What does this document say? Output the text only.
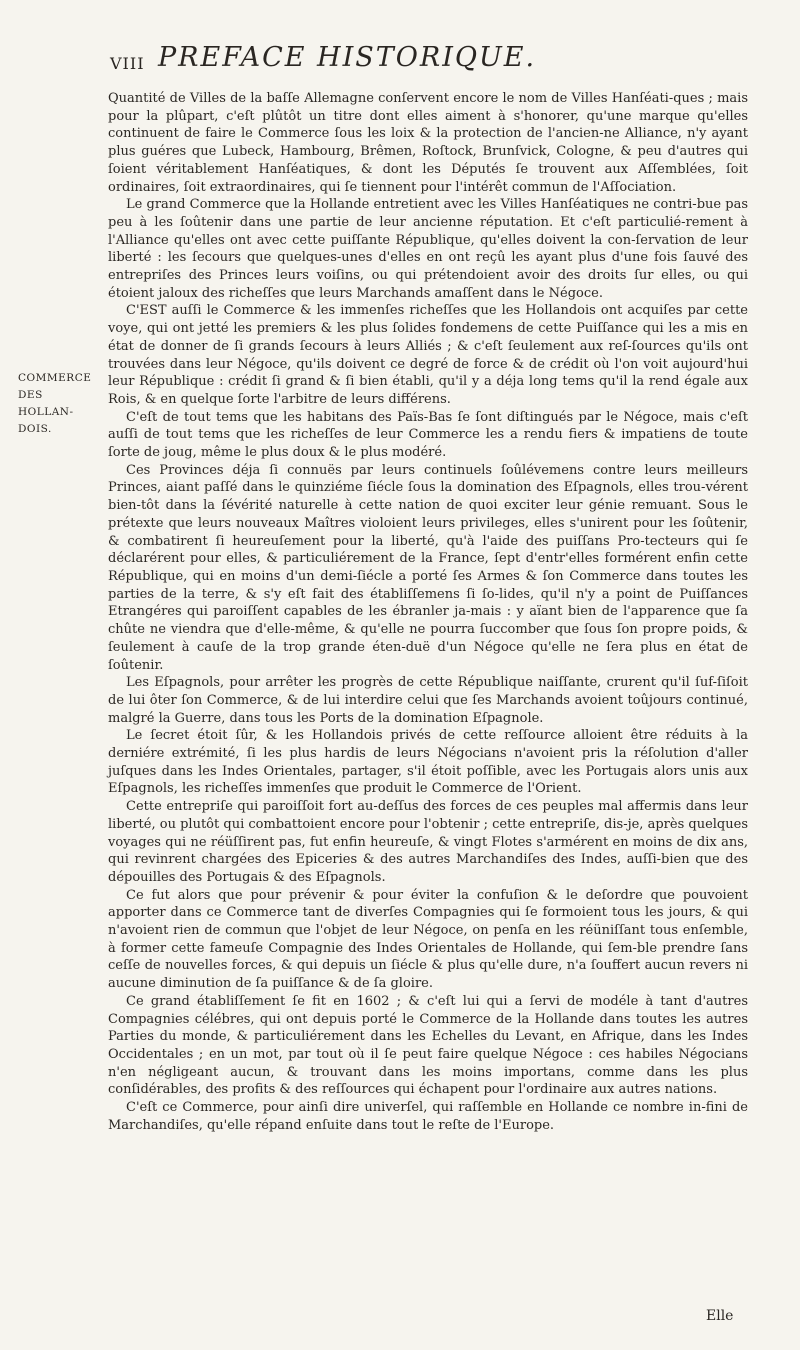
VIII PREFACE HISTORIQUE.
COMMERCE
DES
HOLLAN-
DOIS.

Quantité de Villes de la baſſe Allemagne conſervent encore le nom de Villes Hanſéati-ques ; mais pour la plûpart, c'eſt plûtôt un titre dont elles aiment à s'honorer, qu'une marque qu'elles continuent de faire le Commerce ſous les loix & la protection de l'ancien-ne Alliance, n'y ayant plus guéres que Lubeck, Hambourg, Brêmen, Roſtock, Brunſvick, Cologne, & peu d'autres qui ſoient véritablement Hanſéatiques, & dont les Députés ſe trouvent aux Aſſemblées, ſoit ordinaires, ſoit extraordinaires, qui ſe tiennent pour l'intérêt commun de l'Aſſociation.

Le grand Commerce que la Hollande entretient avec les Villes Hanſéatiques ne contri-bue pas peu à les ſoûtenir dans une partie de leur ancienne réputation. Et c'eſt particulié-rement à l'Alliance qu'elles ont avec cette puiſſante République, qu'elles doivent la con-ſervation de leur liberté : les ſecours que quelques-unes d'elles en ont reçû les ayant plus d'une fois ſauvé des entrepriſes des Princes leurs voiſins, ou qui prétendoient avoir des droits ſur elles, ou qui étoient jaloux des richeſſes que leurs Marchands amaſſent dans le Négoce.

C'EST auſſi le Commerce & les immenſes richeſſes que les Hollandois ont acquiſes par cette voye, qui ont jetté les premiers & les plus ſolides fondemens de cette Puiſſance qui les a mis en état de donner de ſi grands ſecours à leurs Alliés ; & c'eſt ſeulement aux reſ-ſources qu'ils ont trouvées dans leur Négoce, qu'ils doivent ce degré de force & de crédit où l'on voit aujourd'hui leur République : crédit ſi grand & ſi bien établi, qu'il y a déja long tems qu'il la rend égale aux Rois, & en quelque ſorte l'arbitre de leurs différens.

C'eſt de tout tems que les habitans des Païs-Bas ſe ſont diſtingués par le Négoce, mais c'eſt auſſi de tout tems que les richeſſes de leur Commerce les a rendu fiers & impatiens de toute ſorte de joug, même le plus doux & le plus modéré.

Ces Provinces déja ſi connuës par leurs continuels ſoûlévemens contre leurs meilleurs Princes, aiant paſſé dans le quinziéme ſiécle ſous la domination des Eſpagnols, elles trou-vérent bien-tôt dans la ſévérité naturelle à cette nation de quoi exciter leur génie remuant. Sous le prétexte que leurs nouveaux Maîtres violoient leurs privileges, elles s'unirent pour les ſoûtenir, & combatirent ſi heureuſement pour la liberté, qu'à l'aide des puiſſans Pro-tecteurs qui ſe déclarérent pour elles, & particuliérement de la France, ſept d'entr'elles formérent enfin cette République, qui en moins d'un demi-ſiécle a porté ſes Armes & ſon Commerce dans toutes les parties de la terre, & s'y eſt fait des établiſſemens ſi ſo-lides, qu'il n'y a point de Puiſſances Etrangéres qui paroiſſent capables de les ébranler ja-mais : y aïant bien de l'apparence que ſa chûte ne viendra que d'elle-même, & qu'elle ne pourra ſuccomber que ſous ſon propre poids, & ſeulement à cauſe de la trop grande éten-duë d'un Négoce qu'elle ne ſera plus en état de ſoûtenir.

Les Eſpagnols, pour arrêter les progrès de cette République naiſſante, crurent qu'il ſuf-ſiſoit de lui ôter ſon Commerce, & de lui interdire celui que ſes Marchands avoient toûjours continué, malgré la Guerre, dans tous les Ports de la domination Eſpagnole.

Le ſecret étoit ſûr, & les Hollandois privés de cette reſſource alloient être réduits à la derniére extrémité, ſi les plus hardis de leurs Négocians n'avoient pris la réſolution d'aller juſques dans les Indes Orientales, partager, s'il étoit poſſible, avec les Portugais alors unis aux Eſpagnols, les richeſſes immenſes que produit le Commerce de l'Orient.

Cette entrepriſe qui paroiſſoit fort au-deſſus des forces de ces peuples mal affermis dans leur liberté, ou plutôt qui combattoient encore pour l'obtenir ; cette entrepriſe, dis-je, après quelques voyages qui ne réüſſirent pas, fut enfin heureuſe, & vingt Flotes s'armérent en moins de dix ans, qui revinrent chargées des Epiceries & des autres Marchandiſes des Indes, auſſi-bien que des dépouilles des Portugais & des Eſpagnols.

Ce fut alors que pour prévenir & pour éviter la confuſion & le deſordre que pouvoient apporter dans ce Commerce tant de diverſes Compagnies qui ſe formoient tous les jours, & qui n'avoient rien de commun que l'objet de leur Négoce, on penſa en les réüniſſant tous enſemble, à former cette fameuſe Compagnie des Indes Orientales de Hollande, qui ſem-ble prendre ſans ceſſe de nouvelles forces, & qui depuis un ſiécle & plus qu'elle dure, n'a ſouffert aucun revers ni aucune diminution de ſa puiſſance & de ſa gloire.

Ce grand établiſſement ſe fit en 1602 ; & c'eſt lui qui a ſervi de modéle à tant d'autres Compagnies célébres, qui ont depuis porté le Commerce de la Hollande dans toutes les autres Parties du monde, & particuliérement dans les Echelles du Levant, en Afrique, dans les Indes Occidentales ; en un mot, par tout où il ſe peut faire quelque Négoce : ces habiles Négocians n'en négligeant aucun, & trouvant dans les moins importans, comme dans les plus conſidérables, des profits & des reſſources qui échapent pour l'ordinaire aux autres nations.

C'eſt ce Commerce, pour ainſi dire univerſel, qui raſſemble en Hollande ce nombre in-fini de Marchandiſes, qu'elle répand enſuite dans tout le reſte de l'Europe.

Elle
